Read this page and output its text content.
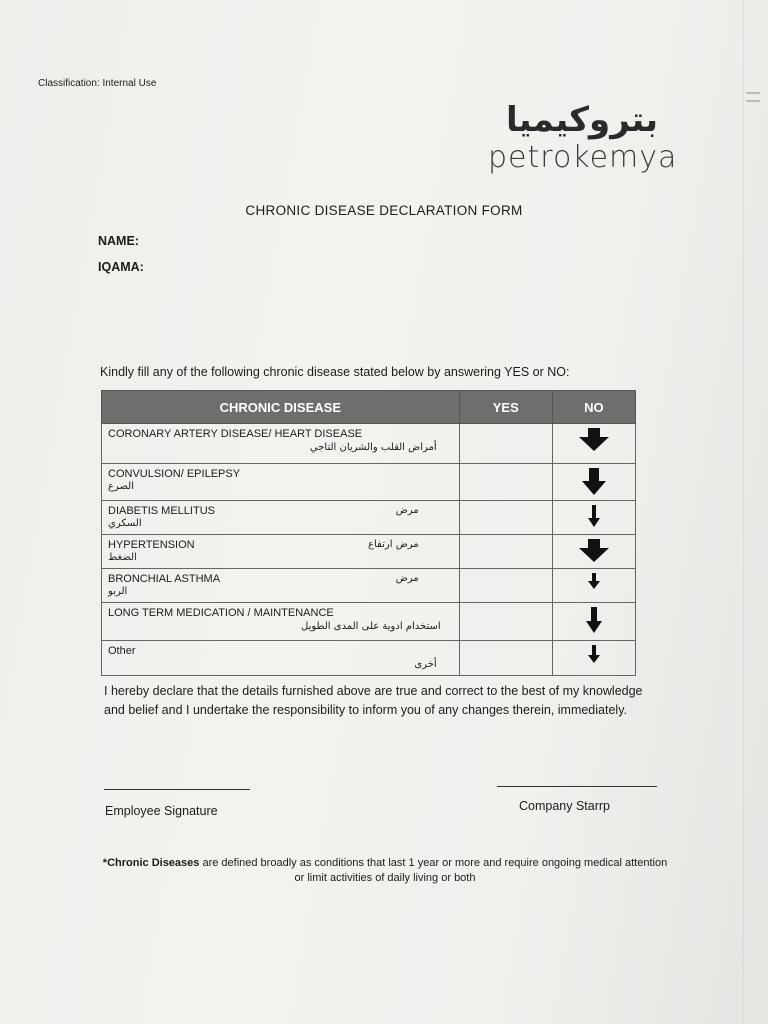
Classification: Internal Use
بتروكيميا
petrokemya
CHRONIC DISEASE DECLARATION FORM
NAME:
IQAMA:
Kindly fill any of the following chronic disease stated below by answering YES or NO:
CHRONIC DISEASE	YES	NO

CORONARY ARTERY DISEASE/ HEART DISEASE
أمراض القلب والشريان التاجي

CONVULSION/ EPILEPSY
الصرع

مرض
DIABETIS MELLITUS
السكري

مرض ارتفاع
HYPERTENSION
الضغط

مرض
BRONCHIAL ASTHMA
الربو

LONG TERM MEDICATION / MAINTENANCE
استخدام ادوية على المدى الطويل

Other
أخرى

I hereby declare that the details furnished above are true and correct to the best of my knowledge and belief and I undertake the responsibility to inform you of any changes therein, immediately.
Employee Signature	Company Starrp
*Chronic Diseases are defined broadly as conditions that last 1 year or more and require ongoing medical attention or limit activities of daily living or both
